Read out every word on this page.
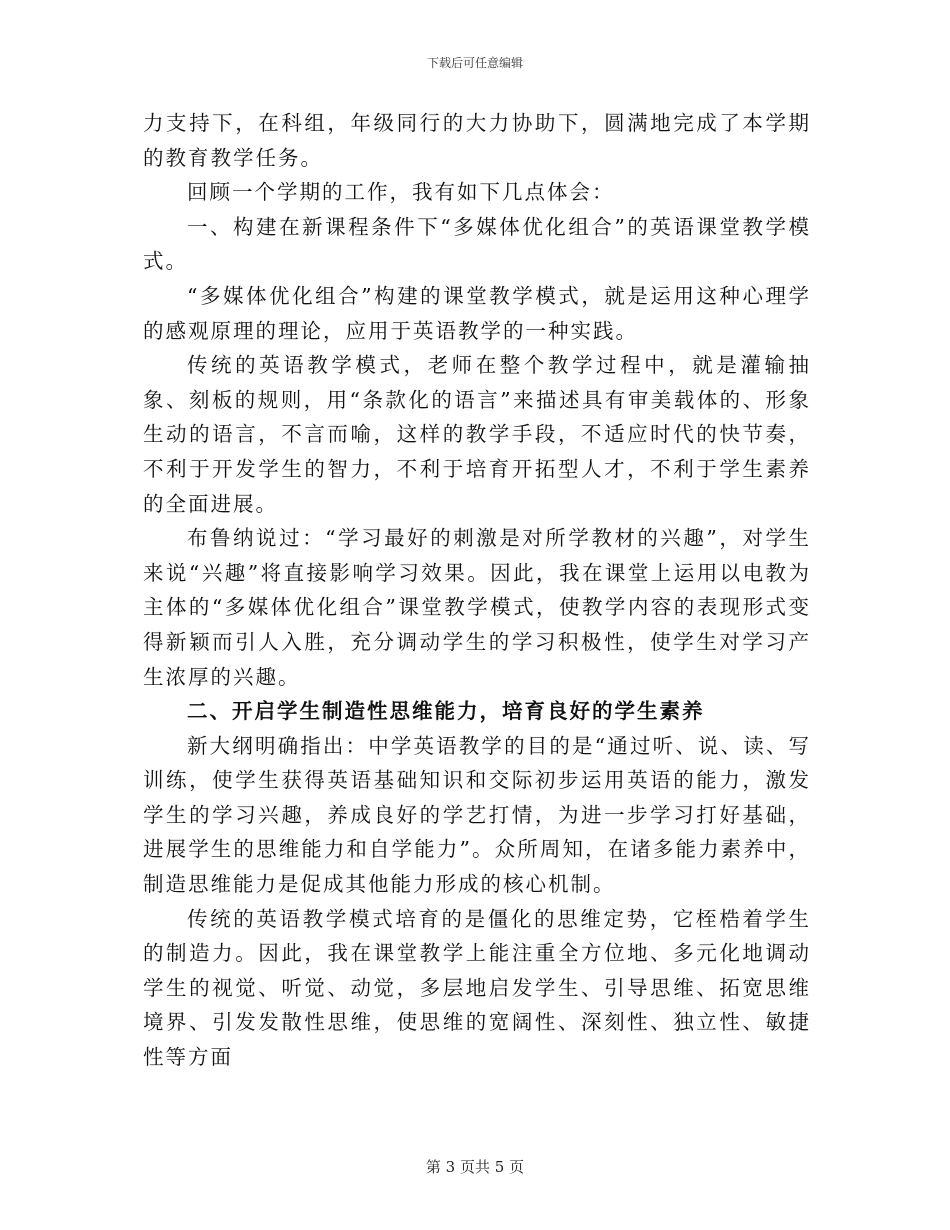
下载后可任意编辑

力支持下，在科组，年级同行的大力协助下，圆满地完成了本学期的教育教学任务。

回顾一个学期的工作，我有如下几点体会：

一、构建在新课程条件下“多媒体优化组合”的英语课堂教学模式。

“多媒体优化组合”构建的课堂教学模式，就是运用这种心理学的感观原理的理论，应用于英语教学的一种实践。

传统的英语教学模式，老师在整个教学过程中，就是灌输抽象、刻板的规则，用“条款化的语言”来描述具有审美载体的、形象生动的语言，不言而喻，这样的教学手段，不适应时代的快节奏，不利于开发学生的智力，不利于培育开拓型人才，不利于学生素养的全面进展。

布鲁纳说过：“学习最好的刺激是对所学教材的兴趣”，对学生来说“兴趣”将直接影响学习效果。因此，我在课堂上运用以电教为主体的“多媒体优化组合”课堂教学模式，使教学内容的表现形式变得新颖而引人入胜，充分调动学生的学习积极性，使学生对学习产生浓厚的兴趣。

二、开启学生制造性思维能力，培育良好的学生素养

新大纲明确指出：中学英语教学的目的是“通过听、说、读、写训练，使学生获得英语基础知识和交际初步运用英语的能力，激发学生的学习兴趣，养成良好的学艺打情，为进一步学习打好基础，进展学生的思维能力和自学能力”。众所周知，在诸多能力素养中，制造思维能力是促成其他能力形成的核心机制。

传统的英语教学模式培育的是僵化的思维定势，它桎梏着学生的制造力。因此，我在课堂教学上能注重全方位地、多元化地调动学生的视觉、听觉、动觉，多层地启发学生、引导思维、拓宽思维境界、引发发散性思维，使思维的宽阔性、深刻性、独立性、敏捷性等方面

第 3 页共 5 页
